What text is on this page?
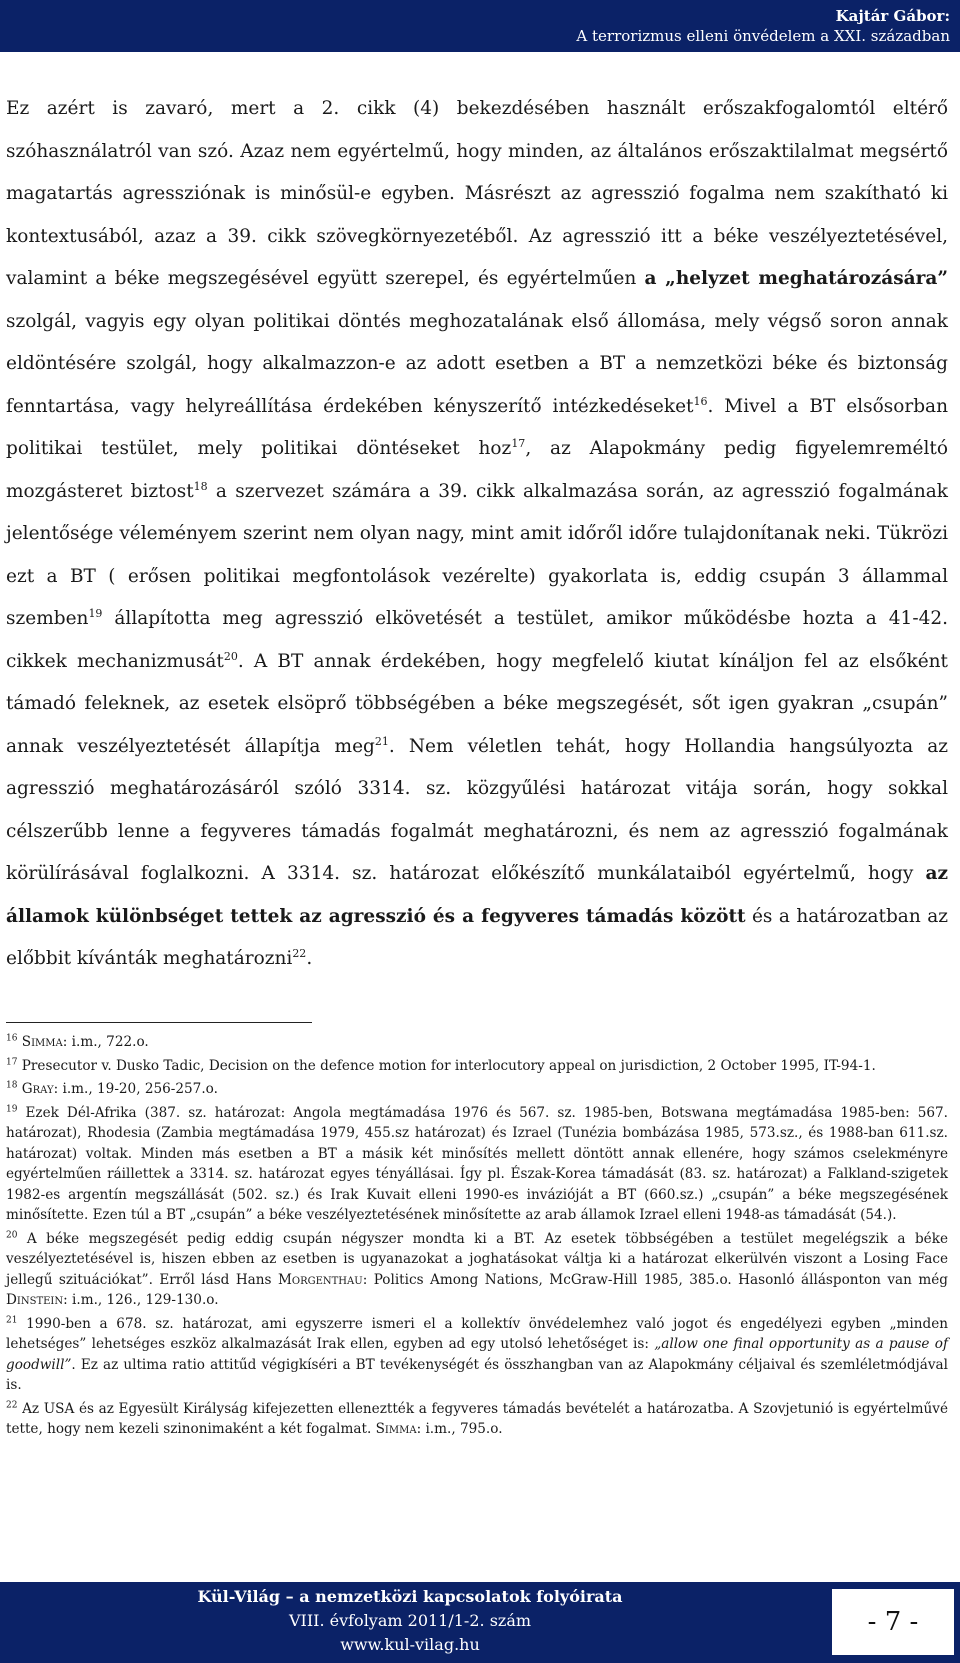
Kajtár Gábor:
A terrorizmus elleni önvédelem a XXI. században

Ez azért is zavaró, mert a 2. cikk (4) bekezdésében használt erőszakfogalomtól eltérő szóhasználatról van szó. Azaz nem egyértelmű, hogy minden, az általános erőszaktilalmat megsértő magatartás agressziónak is minősül-e egyben. Másrészt az agresszió fogalma nem szakítható ki kontextusából, azaz a 39. cikk szövegkörnyezetéből. Az agresszió itt a béke veszélyeztetésével, valamint a béke megszegésével együtt szerepel, és egyértelműen a „helyzet meghatározására” szolgál, vagyis egy olyan politikai döntés meghozatalának első állomása, mely végső soron annak eldöntésére szolgál, hogy alkalmazzon-e az adott esetben a BT a nemzetközi béke és biztonság fenntartása, vagy helyreállítása érdekében kényszerítő intézkedéseket$^{16}$. Mivel a BT elsősorban politikai testület, mely politikai döntéseket hoz$^{17}$, az Alapokmány pedig figyelemreméltó mozgásteret biztost$^{18}$ a szervezet számára a 39. cikk alkalmazása során, az agresszió fogalmának jelentősége véleményem szerint nem olyan nagy, mint amit időről időre tulajdonítanak neki. Tükrözi ezt a BT ( erősen politikai megfontolások vezérelte) gyakorlata is, eddig csupán 3 állammal szemben$^{19}$ állapította meg agresszió elkövetését a testület, amikor működésbe hozta a 41-42. cikkek mechanizmusát$^{20}$. A BT annak érdekében, hogy megfelelő kiutat kínáljon fel az elsőként támadó feleknek, az esetek elsöprő többségében a béke megszegését, sőt igen gyakran „csupán” annak veszélyeztetését állapítja meg$^{21}$. Nem véletlen tehát, hogy Hollandia hangsúlyozta az agresszió meghatározásáról szóló 3314. sz. közgyűlési határozat vitája során, hogy sokkal célszerűbb lenne a fegyveres támadás fogalmát meghatározni, és nem az agresszió fogalmának körülírásával foglalkozni. A 3314. sz. határozat előkészítő munkálataiból egyértelmű, hogy az államok különbséget tettek az agresszió és a fegyveres támadás között és a határozatban az előbbit kívánták meghatározni$^{22}$.

$^{16}$ Simma: i.m., 722.o.

$^{17}$ Presecutor v. Dusko Tadic, Decision on the defence motion for interlocutory appeal on jurisdiction, 2 October 1995, IT-94-1.

$^{18}$ Gray: i.m., 19-20, 256-257.o.

$^{19}$ Ezek Dél-Afrika (387. sz. határozat: Angola megtámadása 1976 és 567. sz. 1985-ben, Botswana megtámadása 1985-ben: 567. határozat), Rhodesia (Zambia megtámadása 1979, 455.sz határozat) és Izrael (Tunézia bombázása 1985, 573.sz., és 1988-ban 611.sz. határozat) voltak. Minden más esetben a BT a másik két minősítés mellett döntött annak ellenére, hogy számos cselekményre egyértelműen ráillettek a 3314. sz. határozat egyes tényállásai. Így pl. Észak-Korea támadását (83. sz. határozat) a Falkland-szigetek 1982-es argentín megszállását (502. sz.) és Irak Kuvait elleni 1990-es invázióját a BT (660.sz.) „csupán” a béke megszegésének minősítette. Ezen túl a BT „csupán” a béke veszélyeztetésének minősítette az arab államok Izrael elleni 1948-as támadását (54.).

$^{20}$ A béke megszegését pedig eddig csupán négyszer mondta ki a BT. Az esetek többségében a testület megelégszik a béke veszélyeztetésével is, hiszen ebben az esetben is ugyanazokat a joghatásokat váltja ki a határozat elkerülvén viszont a Losing Face jellegű szituációkat”. Erről lásd Hans Morgenthau: Politics Among Nations, McGraw-Hill 1985, 385.o. Hasonló állásponton van még Dinstein: i.m., 126., 129-130.o.

$^{21}$ 1990-ben a 678. sz. határozat, ami egyszerre ismeri el a kollektív önvédelemhez való jogot és engedélyezi egyben „minden lehetséges” lehetséges eszköz alkalmazását Irak ellen, egyben ad egy utolsó lehetőséget is: „allow one final opportunity as a pause of goodwill”. Ez az ultima ratio attitűd végigkíséri a BT tevékenységét és összhangban van az Alapokmány céljaival és szemléletmódjával is.

$^{22}$ Az USA és az Egyesült Királyság kifejezetten elleneztték a fegyveres támadás bevételét a határozatba. A Szovjetunió is egyértelművé tette, hogy nem kezeli szinonimaként a két fogalmat. Simma: i.m., 795.o.

Kül-Világ – a nemzetközi kapcsolatok folyóirata
VIII. évfolyam 2011/1-2. szám
www.kul-vilag.hu
- 7 -
